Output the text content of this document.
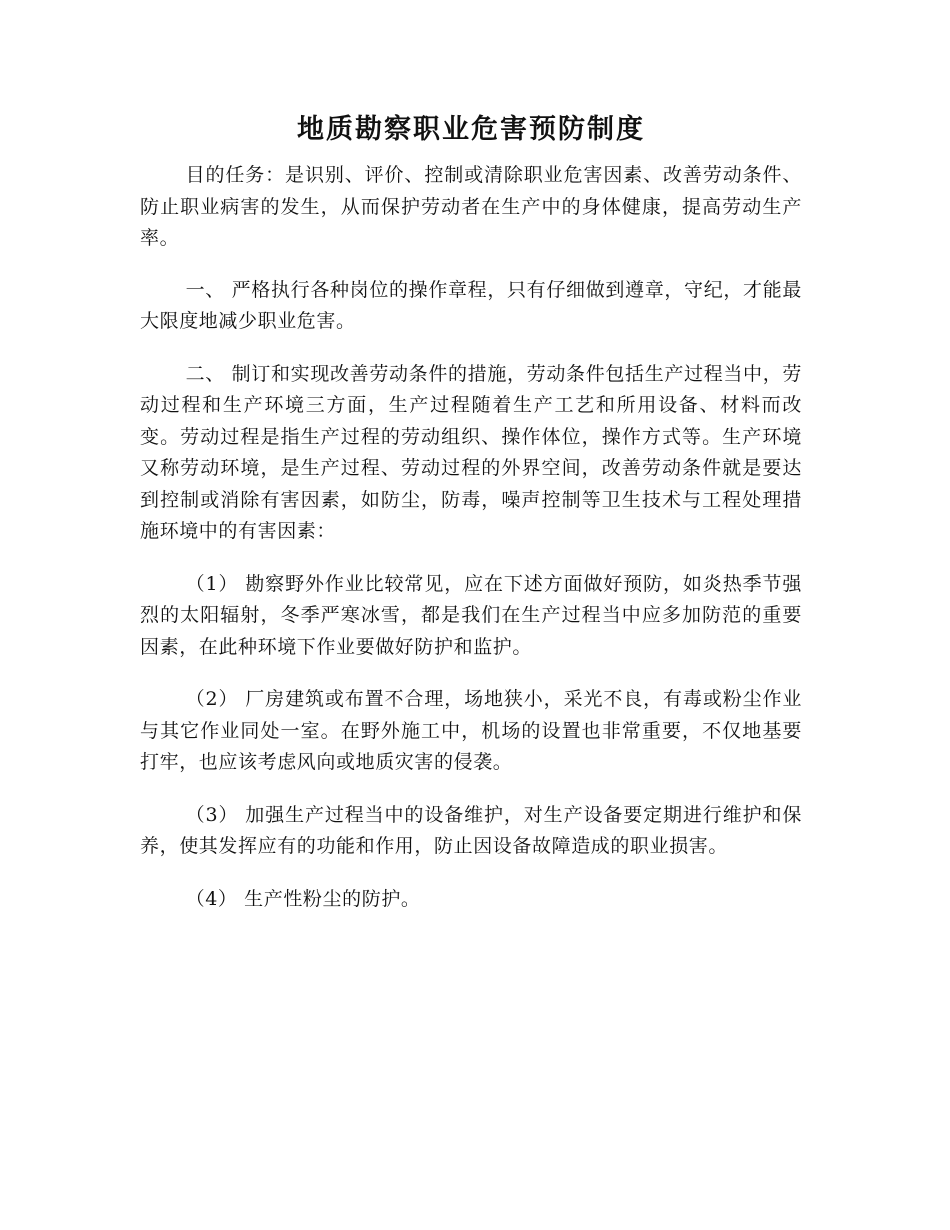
地质勘察职业危害预防制度

目的任务：是识别、评价、控制或清除职业危害因素、改善劳动条件、防止职业病害的发生，从而保护劳动者在生产中的身体健康，提高劳动生产率。

一、 严格执行各种岗位的操作章程，只有仔细做到遵章，守纪，才能最大限度地减少职业危害。

二、 制订和实现改善劳动条件的措施，劳动条件包括生产过程当中，劳动过程和生产环境三方面，生产过程随着生产工艺和所用设备、材料而改变。劳动过程是指生产过程的劳动组织、操作体位，操作方式等。生产环境又称劳动环境，是生产过程、劳动过程的外界空间，改善劳动条件就是要达到控制或消除有害因素，如防尘，防毒，噪声控制等卫生技术与工程处理措施环境中的有害因素：

（1） 勘察野外作业比较常见，应在下述方面做好预防，如炎热季节强烈的太阳辐射，冬季严寒冰雪，都是我们在生产过程当中应多加防范的重要因素，在此种环境下作业要做好防护和监护。

（2） 厂房建筑或布置不合理，场地狭小，采光不良，有毒或粉尘作业与其它作业同处一室。在野外施工中，机场的设置也非常重要，不仅地基要打牢，也应该考虑风向或地质灾害的侵袭。

（3） 加强生产过程当中的设备维护，对生产设备要定期进行维护和保养，使其发挥应有的功能和作用，防止因设备故障造成的职业损害。

（4） 生产性粉尘的防护。
